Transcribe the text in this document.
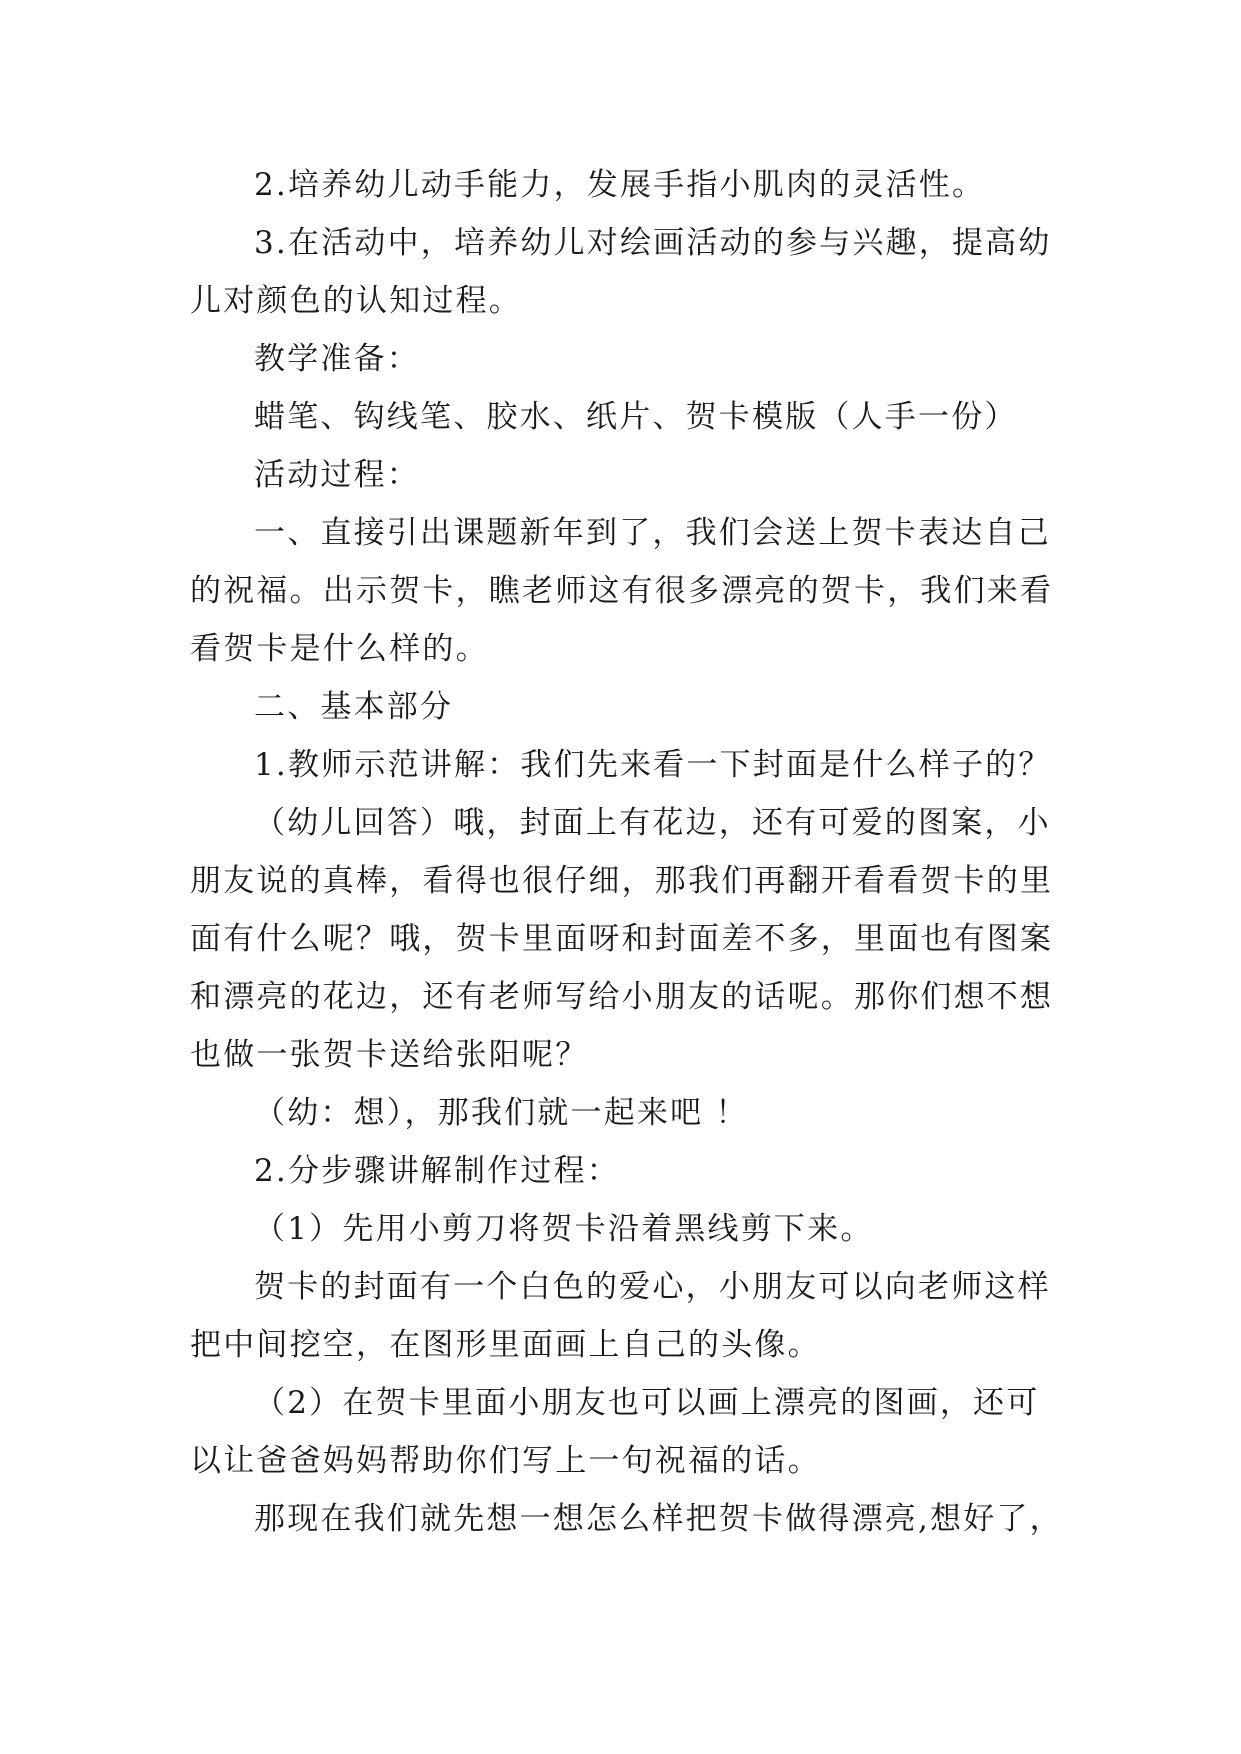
2.培养幼儿动手能力，发展手指小肌肉的灵活性。
3.在活动中，培养幼儿对绘画活动的参与兴趣，提高幼
儿对颜色的认知过程。
教学准备：
蜡笔、钩线笔、胶水、纸片、贺卡模版（人手一份）
活动过程：
一、直接引出课题新年到了，我们会送上贺卡表达自己
的祝福。出示贺卡，瞧老师这有很多漂亮的贺卡，我们来看
看贺卡是什么样的。
二、基本部分
1.教师示范讲解：我们先来看一下封面是什么样子的？
（幼儿回答）哦，封面上有花边，还有可爱的图案，小
朋友说的真棒，看得也很仔细，那我们再翻开看看贺卡的里
面有什么呢？哦，贺卡里面呀和封面差不多，里面也有图案
和漂亮的花边，还有老师写给小朋友的话呢。那你们想不想
也做一张贺卡送给张阳呢？
（幼：想），那我们就一起来吧 ！
2.分步骤讲解制作过程：
（1）先用小剪刀将贺卡沿着黑线剪下来。
贺卡的封面有一个白色的爱心，小朋友可以向老师这样
把中间挖空，在图形里面画上自己的头像。
（2）在贺卡里面小朋友也可以画上漂亮的图画，还可
以让爸爸妈妈帮助你们写上一句祝福的话。
那现在我们就先想一想怎么样把贺卡做得漂亮,想好了，
